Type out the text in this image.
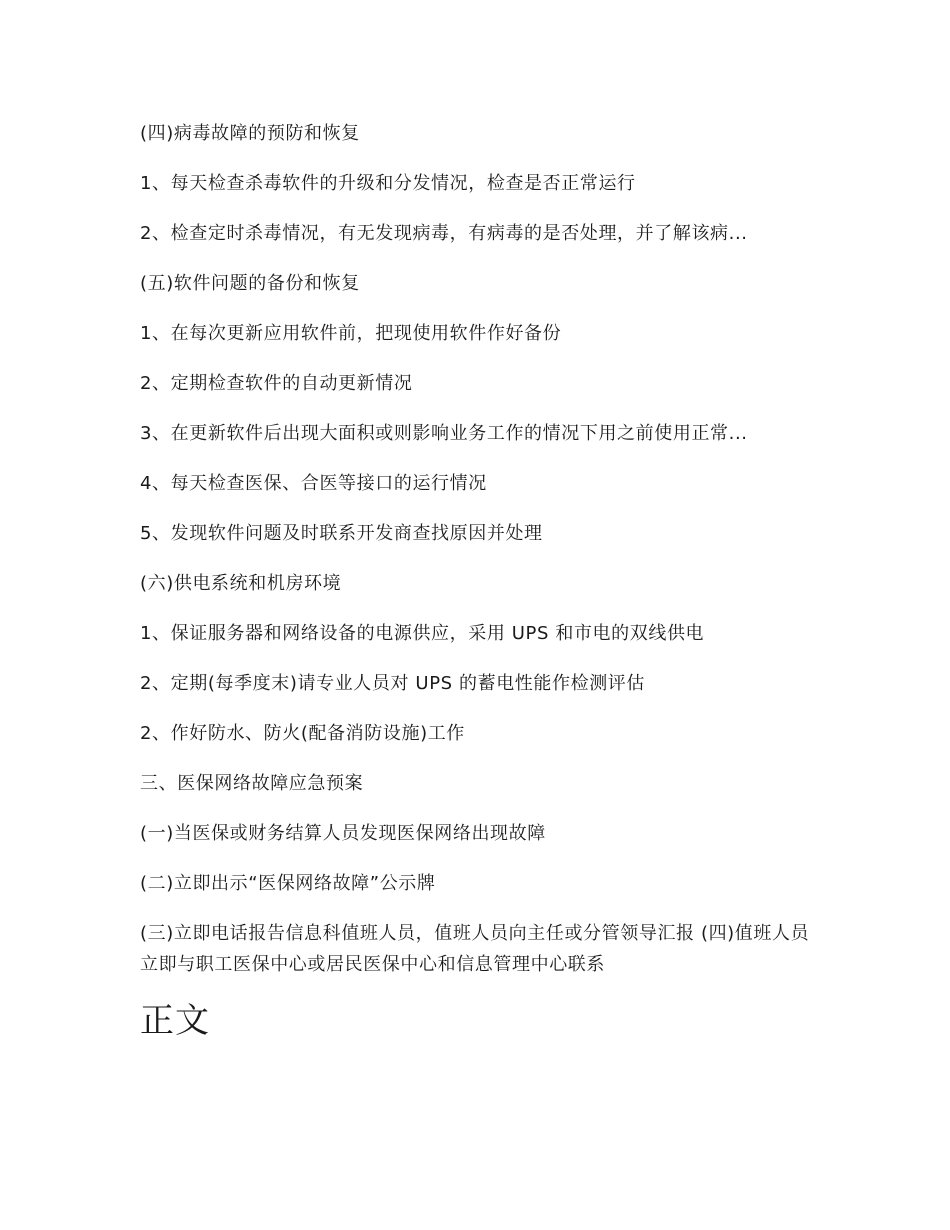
(四)病毒故障的预防和恢复

1、每天检查杀毒软件的升级和分发情况，检查是否正常运行

2、检查定时杀毒情况，有无发现病毒，有病毒的是否处理，并了解该病...

(五)软件问题的备份和恢复

1、在每次更新应用软件前，把现使用软件作好备份

2、定期检查软件的自动更新情况

3、在更新软件后出现大面积或则影响业务工作的情况下用之前使用正常...

4、每天检查医保、合医等接口的运行情况

5、发现软件问题及时联系开发商查找原因并处理

(六)供电系统和机房环境

1、保证服务器和网络设备的电源供应，采用 UPS 和市电的双线供电

2、定期(每季度末)请专业人员对 UPS 的蓄电性能作检测评估

2、作好防水、防火(配备消防设施)工作

三、医保网络故障应急预案

(一)当医保或财务结算人员发现医保网络出现故障

(二)立即出示“医保网络故障”公示牌

(三)立即电话报告信息科值班人员，值班人员向主任或分管领导汇报 (四)值班人员立即与职工医保中心或居民医保中心和信息管理中心联系

正文
